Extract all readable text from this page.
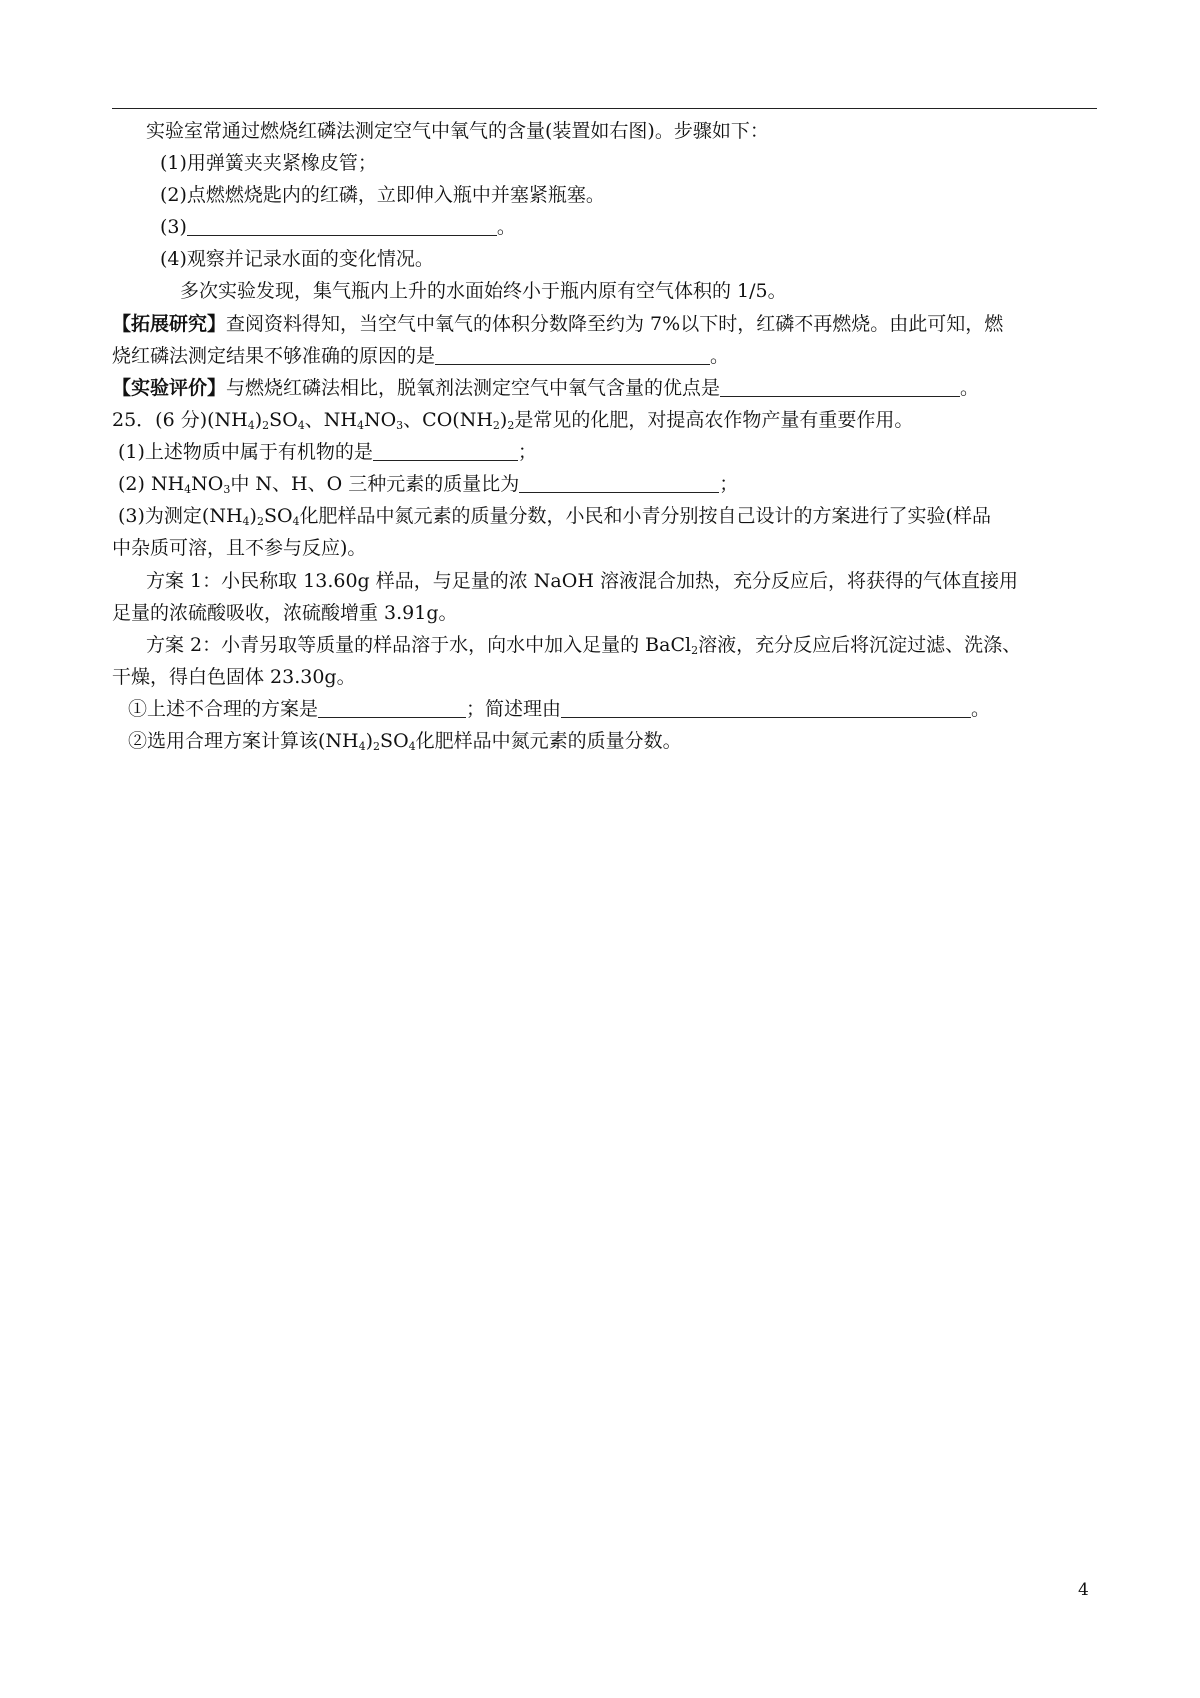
实验室常通过燃烧红磷法测定空气中氧气的含量(装置如右图)。步骤如下：
(1)用弹簧夹夹紧橡皮管；
(2)点燃燃烧匙内的红磷，立即伸入瓶中并塞紧瓶塞。
(3)	。
(4)观察并记录水面的变化情况。
多次实验发现，集气瓶内上升的水面始终小于瓶内原有空气体积的 1/5。
【拓展研究】查阅资料得知，当空气中氧气的体积分数降至约为 7%以下时，红磷不再燃烧。由此可知，燃
烧红磷法测定结果不够准确的原因的是	。
【实验评价】与燃烧红磷法相比，脱氧剂法测定空气中氧气含量的优点是	。
25．(6 分)$(NH_4)_2SO_4$、$NH_4NO_3$、$CO(NH_2)_2$是常见的化肥，对提高农作物产量有重要作用。
(1)上述物质中属于有机物的是	；
(2) $NH_4NO_3$中 N、H、O 三种元素的质量比为	；
(3)为测定$(NH_4)_2SO_4$化肥样品中氮元素的质量分数，小民和小青分别按自己设计的方案进行了实验(样品
中杂质可溶，且不参与反应)。
方案 1：小民称取 13.60g 样品，与足量的浓 NaOH 溶液混合加热，充分反应后，将获得的气体直接用
足量的浓硫酸吸收，浓硫酸增重 3.91g。
方案 2：小青另取等质量的样品溶于水，向水中加入足量的 BaCl$_2$溶液，充分反应后将沉淀过滤、洗涤、
干燥，得白色固体 23.30g。
①上述不合理的方案是	；简述理由	。
②选用合理方案计算该$(NH_4)_2SO_4$化肥样品中氮元素的质量分数。
4
